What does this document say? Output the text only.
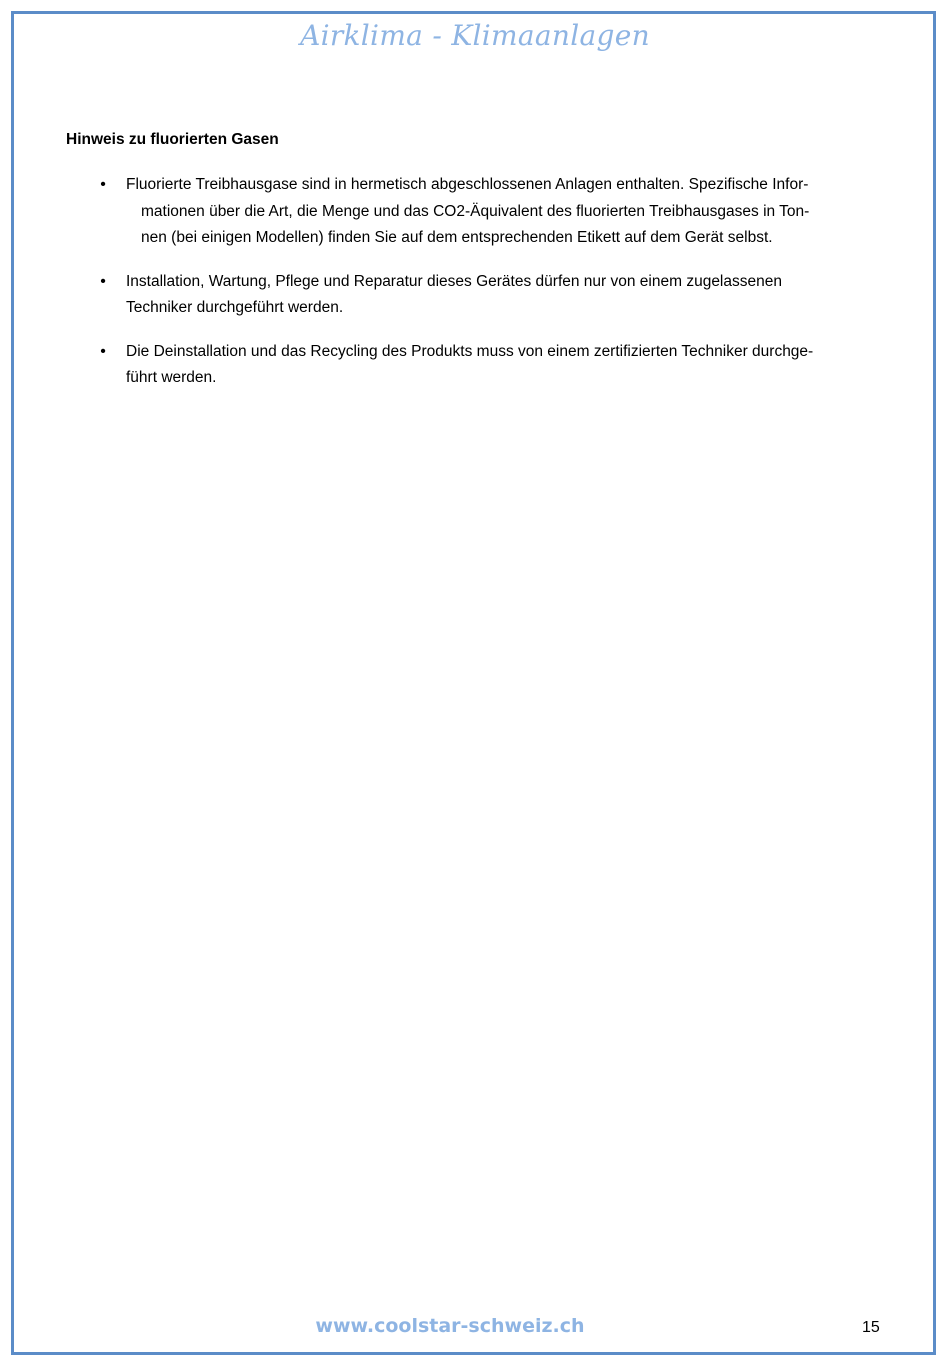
Airklima - Klimaanlagen
Hinweis zu fluorierten Gasen
• Fluorierte Treibhausgase sind in hermetisch abgeschlossenen Anlagen enthalten. Spezifische Infor-
mationen über die Art, die Menge und das CO2-Äquivalent des fluorierten Treibhausgases in Ton-
nen (bei einigen Modellen) finden Sie auf dem entsprechenden Etikett auf dem Gerät selbst.
• Installation, Wartung, Pflege und Reparatur dieses Gerätes dürfen nur von einem zugelassenen
Techniker durchgeführt werden.
• Die Deinstallation und das Recycling des Produkts muss von einem zertifizierten Techniker durchge-
führt werden.
www.coolstar-schweiz.ch	15
